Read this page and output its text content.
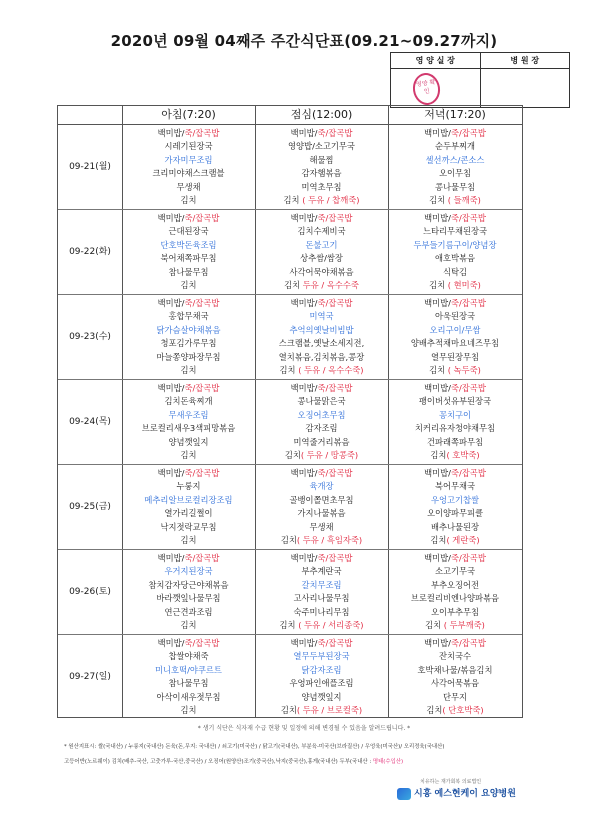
2020년 09월 04째주 주간식단표(09.21~09.27까지)
영 양 실 장
영양 확인
병 원 장
아침(7:20)	점심(12:00)	저녁(17:20)
09-21(월)
백미밥/죽/잡곡밥
시레기된장국
가자미무조림
크리미야채스크램블
무생채
김치
백미밥/죽/잡곡밥
영양밥/소고기무국
해물찜
감자햄볶음
미역초무침
김치 ( 두유 / 찹깨죽)
백미밥/죽/잡곡밥
순두부찌개
셀선까스/콘소스
오이무침
콩나물무침
김치 ( 들깨죽)
09-22(화)
백미밥/죽/잡곡밥
근대된장국
단호박돈육조림
북어채쪽파무침
참나물무침
김치
백미밥/죽/잡곡밥
김치수제비국
돈불고기
상추쌈/쌈장
사각어묵야채볶음
김치 두유 / 옥수수죽
백미밥/죽/잡곡밥
느타리무채된장국
두부들기름구이/양념장
애호박볶음
식탁김
김치 ( 현미죽)
09-23(수)
백미밥/죽/잡곡밥
홍합무채국
닭가슴살야채볶음
청포김가루무침
마늘쫑양파장무침
김치
백미밥/죽/잡곡밥
미역국
추억의옛날비빔밥
스크램블,옛날소세지전,
열치볶음,김치볶음,콩장
김치 ( 두유 / 옥수수죽)
백미밥/죽/잡곡밥
아욱된장국
오리구이/무쌈
양배추적채마요네즈무침
열무된장무침
김치 ( 녹두죽)
09-24(목)
백미밥/죽/잡곡밥
김치돈육찌개
무새우조림
브로컬리새우3색피망볶음
양념깻잎지
김치
백미밥/죽/잡곡밥
콩나물맑은국
오징어초무침
감자조림
미역줄거리볶음
김치( 두유 / 땅콩죽)
백미밥/죽/잡곡밥
팽이버섯유부된장국
꽁치구이
치커리유자청야채무침
건파래쪽파무침
김치( 호박죽)
09-25(금)
백미밥/죽/잡곡밥
누룽지
메추리알브로컬리장조림
열가리길쩔이
낙지젓락교무침
김치
백미밥/죽/잡곡밥
육개장
골뱅이쫄면초무침
가지나물볶음
무생채
김치( 두유 / 흑임자죽)
백미밥/죽/잡곡밥
북어무채국
우엉고기찹쌀
오이양파무피클
배추나물된장
김치( 게란죽)
09-26(토)
백미밥/죽/잡곡밥
우거지된장국
참치감자당근야채볶음
바라깻잎나물무침
연근견과조림
김치
백미밥/죽/잡곡밥
부추계란국
갈치무조림
고사리나물무침
숙주미나리무침
김치 ( 두유 / 서리종죽)
백미밥/죽/잡곡밥
소고기무국
부추오징어전
브로컬리비엔나양파볶음
오이부추무침
김치 ( 두부깨죽)
09-27(일)
백미밥/죽/잡곡밥
찹쌀야채죽
미니호떡/야쿠르트
참나물무침
아삭이새우젓무침
김치
백미밥/죽/잡곡밥
열무두부된장국
닭감자조림
우엉파인애플조림
양념깻잎지
김치( 두유 / 브로컬죽)
백미밥/죽/잡곡밥
잔치국수
호박채나물/볶음김치
사각어묵볶음
단무지
김치( 단호박죽)
* 생기 식단은 식자재 수급 현황 및 일정에 의해 변경될 수 있음을 알려드립니다. *
* 원산지표시: 쌀(국내산) / 누룽지(국내산) 돈육(돈,무지: 국내산) / 쇠고기(미국산) / 닭고기(국내산), 부분육-미국산(브라질산) / 우엉육(미국산)/ 오리정육(국내산)
고등어반(노르웨이) 김치(배추-국산, 고춧가루-국산,중국산) / 오징어(원양산)조기(중국산),낙지(중국산),홍게(국내산) 두부(국내산 : 명태(수입산)
치유하는 재가회복 의료법인
시흥 예스현케이 요양병원
